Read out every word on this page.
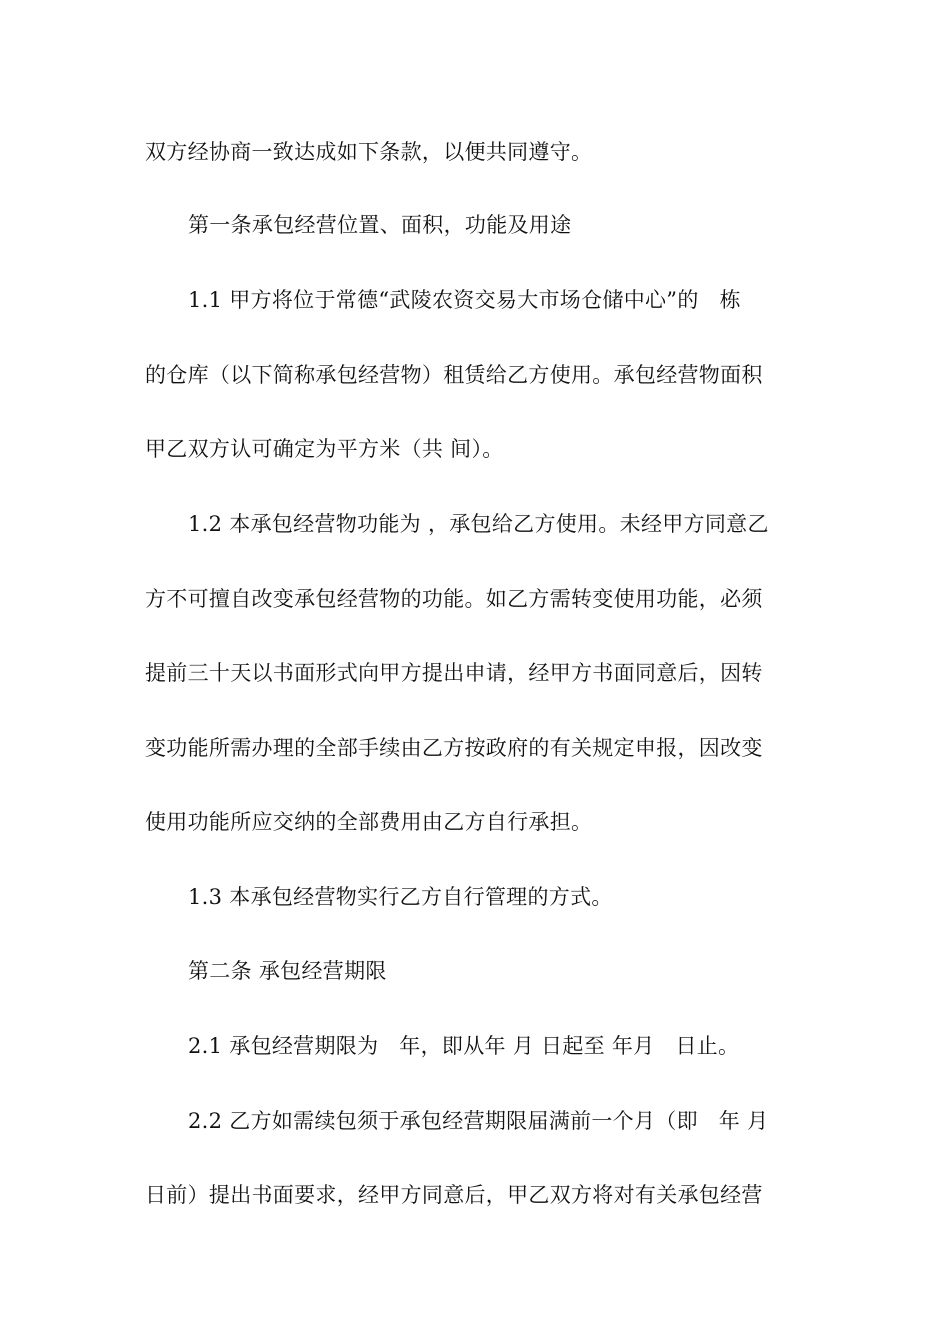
双方经协商一致达成如下条款，以便共同遵守。
第一条承包经营位置、面积，功能及用途
1.1 甲方将位于常德“武陵农资交易大市场仓储中心”的   栋
的仓库（以下简称承包经营物）租赁给乙方使用。承包经营物面积
甲乙双方认可确定为平方米（共 间）。
1.2 本承包经营物功能为 ，承包给乙方使用。未经甲方同意乙
方不可擅自改变承包经营物的功能。如乙方需转变使用功能，必须
提前三十天以书面形式向甲方提出申请，经甲方书面同意后，因转
变功能所需办理的全部手续由乙方按政府的有关规定申报，因改变
使用功能所应交纳的全部费用由乙方自行承担。
1.3 本承包经营物实行乙方自行管理的方式。
第二条 承包经营期限
2.1 承包经营期限为   年，即从年 月 日起至 年月   日止。
2.2 乙方如需续包须于承包经营期限届满前一个月（即   年 月
日前）提出书面要求，经甲方同意后，甲乙双方将对有关承包经营
